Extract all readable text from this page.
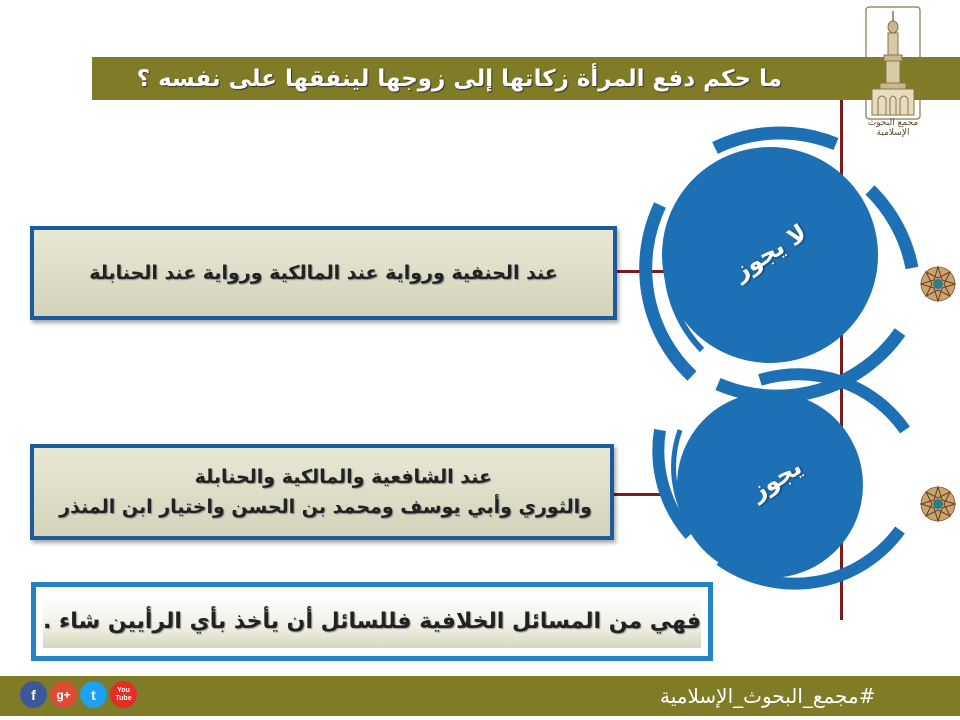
ما حكم دفع المرأة زكاتها إلى زوجها لينفقها على نفسه ؟
مجمع البحوث الإسلامية
لا يجوز
يجوز
عند الحنفية ورواية عند المالكية ورواية عند الحنابلة
عند الشافعية والمالكية والحنابلة
والثوري وأبي يوسف ومحمد بن الحسن واختيار ابن المنذر
فهي من المسائل الخلافية فللسائل أن يأخذ بأي الرأيين شاء .
#مجمع_البحوث_الإسلامية
f g+ t	You Tube
